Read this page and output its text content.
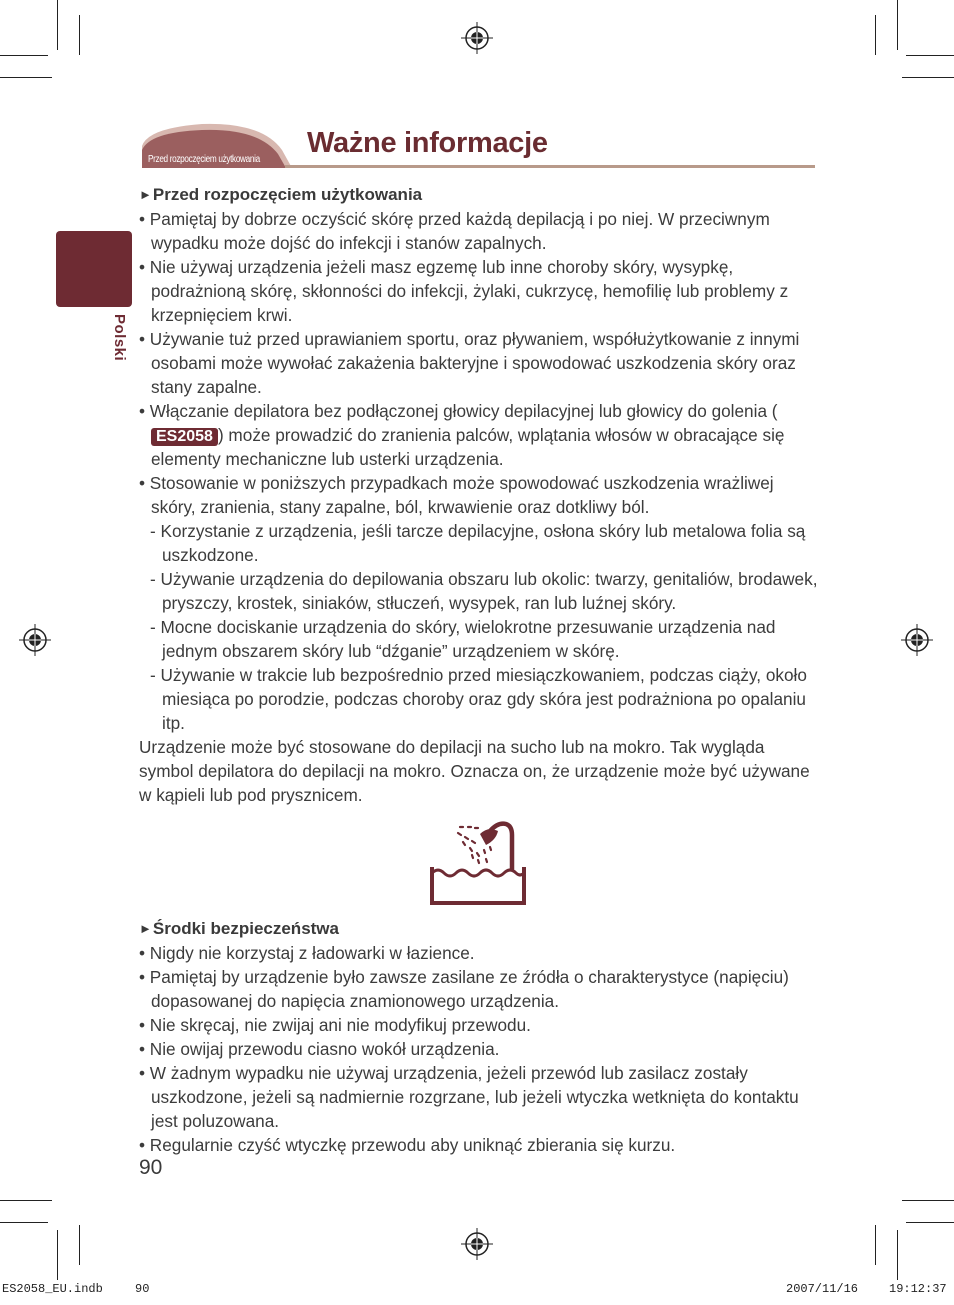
Przed rozpoczęciem użytkowania
Ważne informacje
Polski
►Przed rozpoczęciem użytkowania
• Pamiętaj by dobrze oczyścić skórę przed każdą depilacją i po niej. W przeciwnym wypadku może dojść do infekcji i stanów zapalnych.
• Nie używaj urządzenia jeżeli masz egzemę lub inne choroby skóry, wysypkę, podrażnioną skórę, skłonności do infekcji, żylaki, cukrzycę, hemofilię lub problemy z krzepnięciem krwi.
• Używanie tuż przed uprawianiem sportu, oraz pływaniem, współużytkowanie z innymi osobami może wywołać zakażenia bakteryjne i spowodować uszkodzenia skóry oraz stany zapalne.
• Włączanie depilatora bez podłączonej głowicy depilacyjnej lub głowicy do golenia (ES2058 ) może prowadzić do zranienia palców, wplątania włosów w obracające się elementy mechaniczne lub usterki urządzenia.
• Stosowanie w poniższych przypadkach może spowodować uszkodzenia wrażliwej skóry, zranienia, stany zapalne, ból, krwawienie oraz dotkliwy ból.
- Korzystanie z urządzenia, jeśli tarcze depilacyjne, osłona skóry lub metalowa folia są uszkodzone.
- Używanie urządzenia do depilowania obszaru lub okolic: twarzy, genitaliów, brodawek, pryszczy, krostek, siniaków, stłuczeń, wysypek, ran lub luźnej skóry.
- Mocne dociskanie urządzenia do skóry, wielokrotne przesuwanie urządzenia nad jednym obszarem skóry lub “dźganie” urządzeniem w skórę.
- Używanie w trakcie lub bezpośrednio przed miesiączkowaniem, podczas ciąży, około miesiąca po porodzie, podczas choroby oraz gdy skóra jest podrażniona po opalaniu itp.
Urządzenie może być stosowane do depilacji na sucho lub na mokro. Tak wygląda symbol depilatora do depilacji na mokro. Oznacza on, że urządzenie może być używane w kąpieli lub pod prysznicem.
►Środki bezpieczeństwa
• Nigdy nie korzystaj z ładowarki w łazience.
• Pamiętaj by urządzenie było zawsze zasilane ze źródła o charakterystyce (napięciu) dopasowanej do napięcia znamionowego urządzenia.
• Nie skręcaj, nie zwijaj ani nie modyfikuj przewodu.
• Nie owijaj przewodu ciasno wokół urządzenia.
• W żadnym wypadku nie używaj urządzenia, jeżeli przewód lub zasilacz zostały uszkodzone, jeżeli są nadmiernie rozgrzane, lub jeżeli wtyczka wetknięta do kontaktu jest poluzowana.
• Regularnie czyść wtyczkę przewodu aby uniknąć zbierania się kurzu.
90
ES2058_EU.indb	90	2007/11/16	19:12:37
